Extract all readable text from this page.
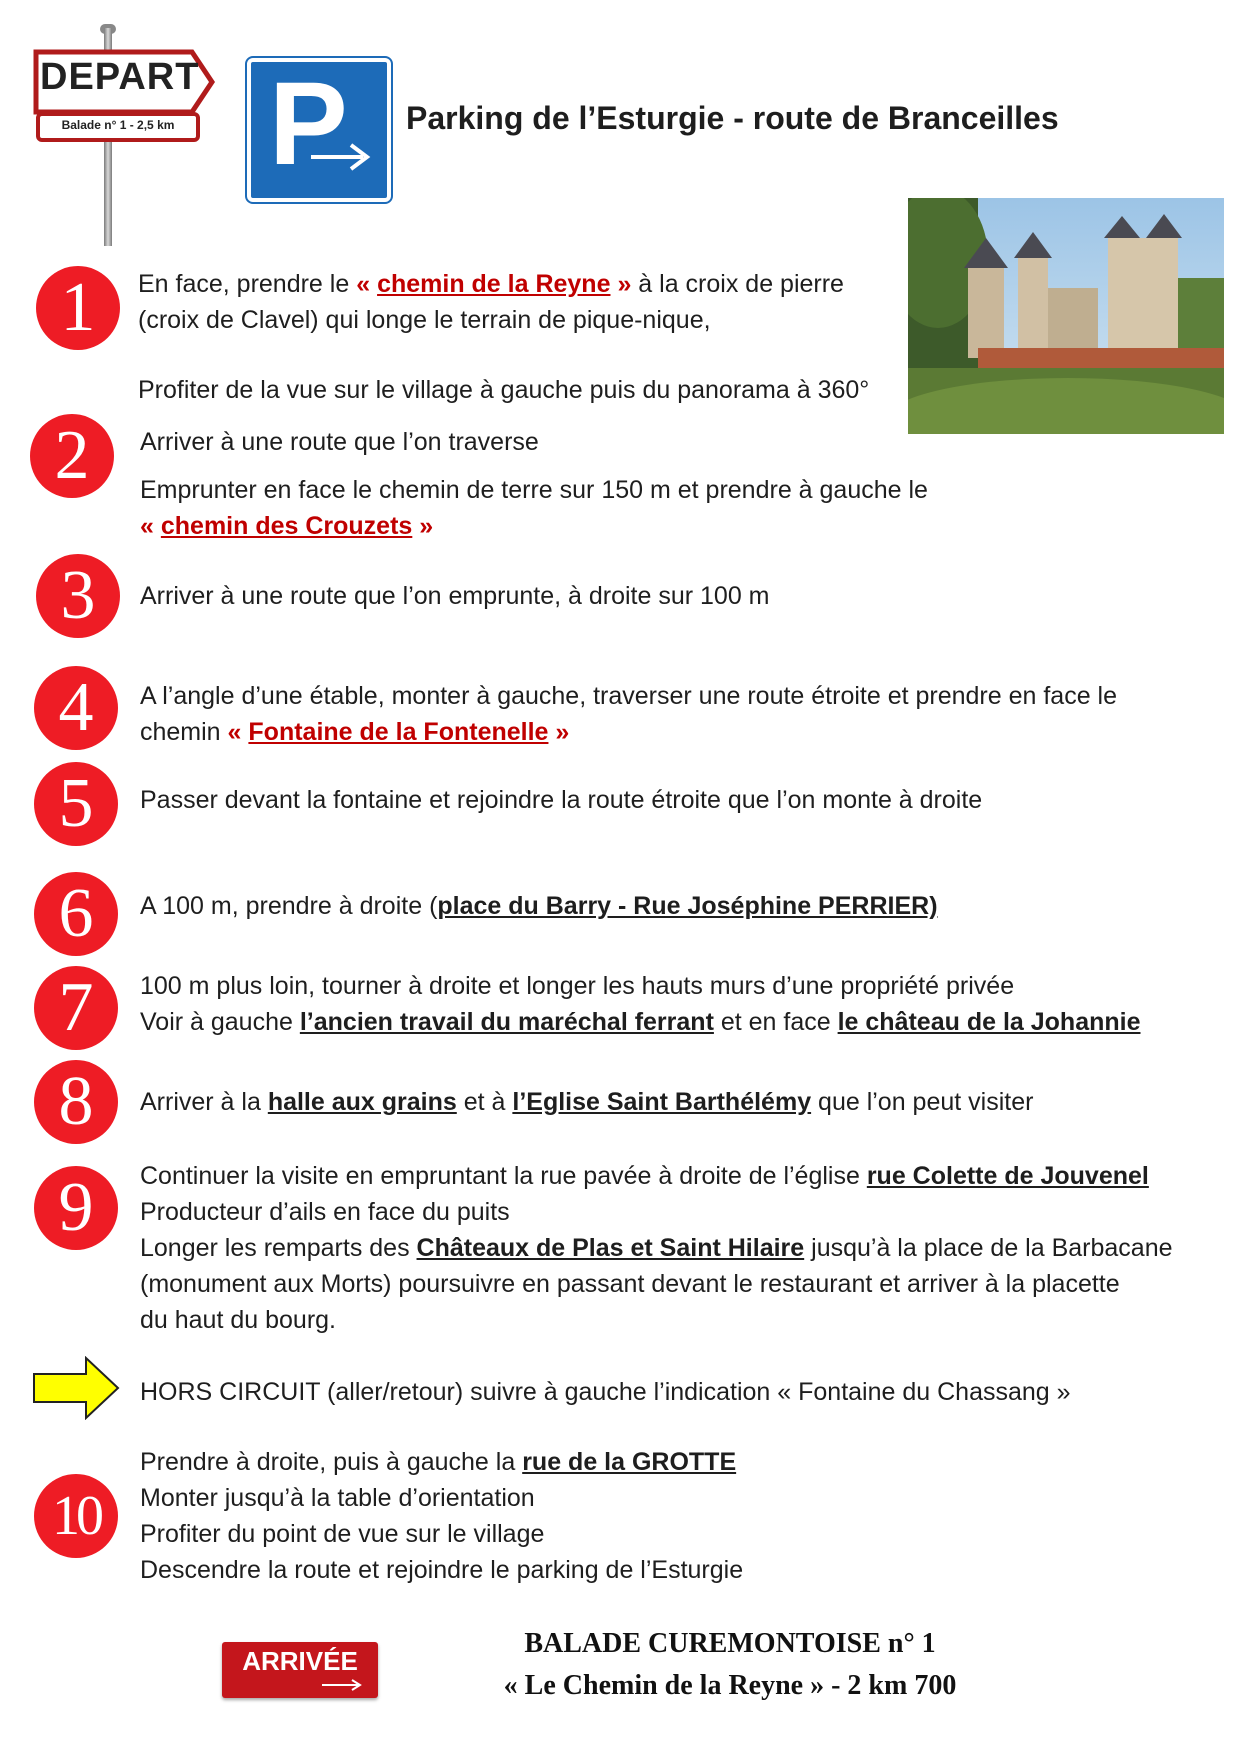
DEPART
Balade n° 1 - 2,5 km P Parking de l’Esturgie - route de Branceilles
1	En face, prendre le « chemin de la Reyne » à la croix de pierre
(croix de Clavel) qui longe le terrain de pique-nique,
Profiter de la vue sur le village à gauche puis du panorama à 360°
2	Arriver à une route que l’on traverse
Emprunter en face le chemin de terre sur 150 m et prendre à gauche le
« chemin des Crouzets »
3	Arriver à une route que l’on emprunte, à droite sur 100 m
4	A l’angle d’une étable, monter à gauche, traverser une route étroite et prendre en face le
chemin « Fontaine de la Fontenelle »
5	Passer devant la fontaine et rejoindre la route étroite que l’on monte à droite
6	A 100 m, prendre à droite (place du Barry - Rue Joséphine PERRIER)
7	100 m plus loin, tourner à droite et longer les hauts murs d’une propriété privée
Voir à gauche l’ancien travail du maréchal ferrant et en face le château de la Johannie
8	Arriver à la halle aux grains et à l’Eglise Saint Barthélémy que l’on peut visiter
9	Continuer la visite en empruntant la rue pavée à droite de l’église rue Colette de Jouvenel
Producteur d’ails en face du puits
Longer les remparts des Châteaux de Plas et Saint Hilaire jusqu’à la place de la Barbacane
(monument aux Morts) poursuivre en passant devant le restaurant et arriver à la placette
du haut du bourg.
HORS CIRCUIT (aller/retour) suivre à gauche l’indication « Fontaine du Chassang »
10
Prendre à droite, puis à gauche la rue de la GROTTE
Monter jusqu’à la table d’orientation
Profiter du point de vue sur le village
Descendre la route et rejoindre le parking de l’Esturgie
ARRIVÉE
BALADE CUREMONTOISE n° 1
« Le Chemin de la Reyne » - 2 km 700
